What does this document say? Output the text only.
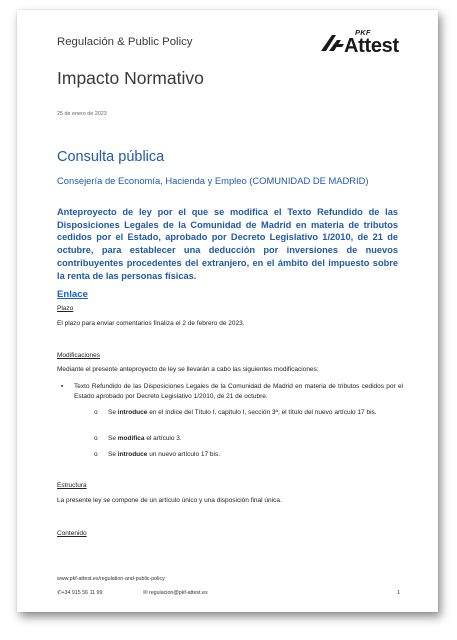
Regulación & Public Policy
PKF
Attest
Impacto Normativo
25 de enero de 2023
Consulta pública
Consejería de Economía, Hacienda y Empleo (COMUNIDAD DE MADRID)
Anteproyecto de ley por el que se modifica el Texto Refundido de las Disposiciones Legales de la Comunidad de Madrid en materia de tributos cedidos por el Estado, aprobado por Decreto Legislativo 1/2010, de 21 de octubre, para establecer una deducción por inversiones de nuevos contribuyentes procedentes del extranjero, en el ámbito del impuesto sobre la renta de las personas físicas.
Enlace
Plazo
El plazo para enviar comentarios finaliza el 2 de febrero de 2023.
Modificaciones
Mediante el presente anteproyecto de ley se llevarán a cabo las siguientes modificaciones:
▪ Texto Refundido de las Disposiciones Legales de la Comunidad de Madrid en materia de tributos cedidos por el Estado aprobado por Decreto Legislativo 1/2010, de 21 de octubre.
o Se introduce en el índice del Título I, capítulo I, sección 3ª, el título del nuevo artículo 17 bis.
o Se modifica el artículo 3.
o Se introduce un nuevo artículo 17 bis.
Estructura
La presente ley se compone de un artículo único y una disposición final única.
Contenido
www.pkf-attest.es/regulation-and-public-policy
✆+34 915 56 11 99	✉ regulacion@pkf-attest.es	1
